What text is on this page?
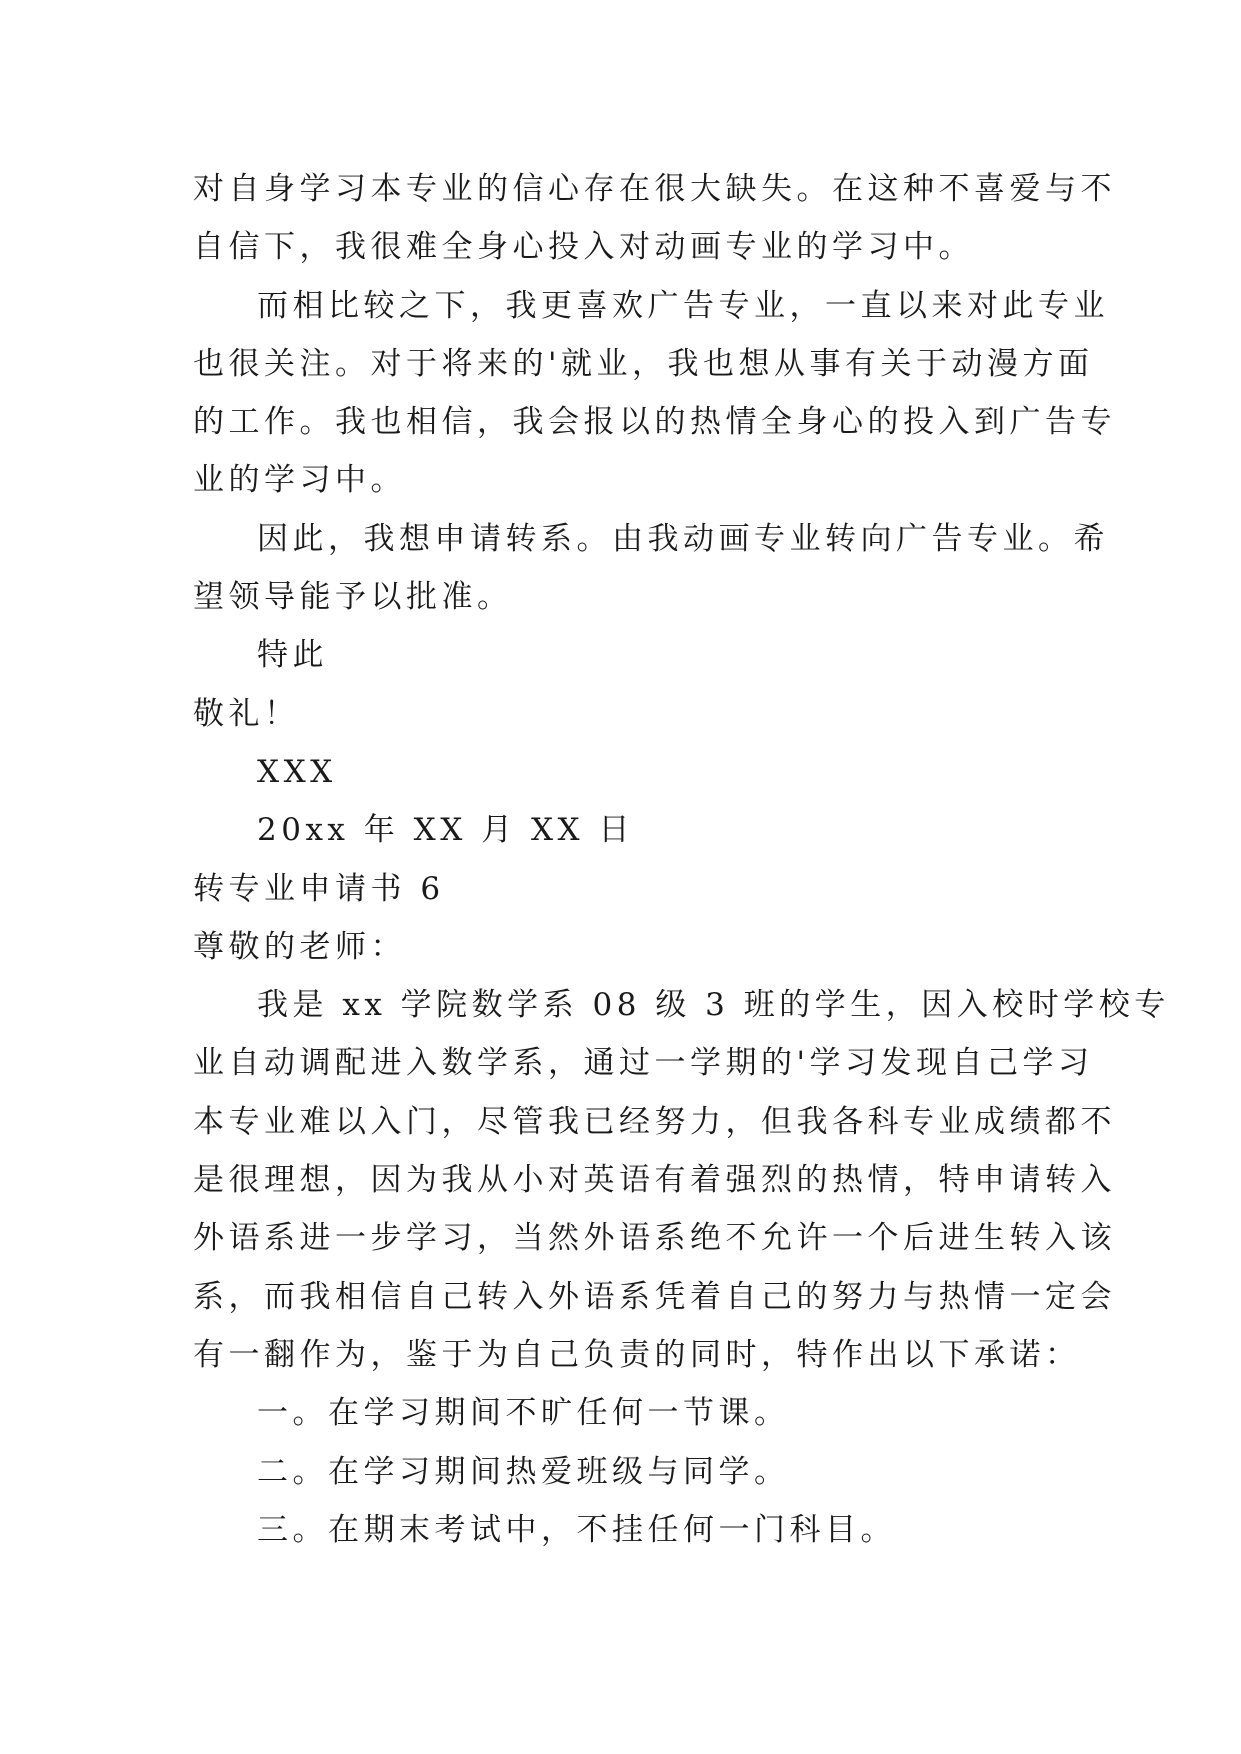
对自身学习本专业的信心存在很大缺失。在这种不喜爱与不
自信下，我很难全身心投入对动画专业的学习中。
而相比较之下，我更喜欢广告专业，一直以来对此专业
也很关注。对于将来的'就业，我也想从事有关于动漫方面
的工作。我也相信，我会报以的热情全身心的投入到广告专
业的学习中。
因此，我想申请转系。由我动画专业转向广告专业。希
望领导能予以批准。
特此
敬礼！
XXX
20xx 年 XX 月 XX 日
转专业申请书 6
尊敬的老师：
我是 xx 学院数学系 08 级 3 班的学生，因入校时学校专
业自动调配进入数学系，通过一学期的'学习发现自己学习
本专业难以入门，尽管我已经努力，但我各科专业成绩都不
是很理想，因为我从小对英语有着强烈的热情，特申请转入
外语系进一步学习，当然外语系绝不允许一个后进生转入该
系，而我相信自己转入外语系凭着自己的努力与热情一定会
有一翻作为，鉴于为自己负责的同时，特作出以下承诺：
一。在学习期间不旷任何一节课。
二。在学习期间热爱班级与同学。
三。在期末考试中，不挂任何一门科目。
